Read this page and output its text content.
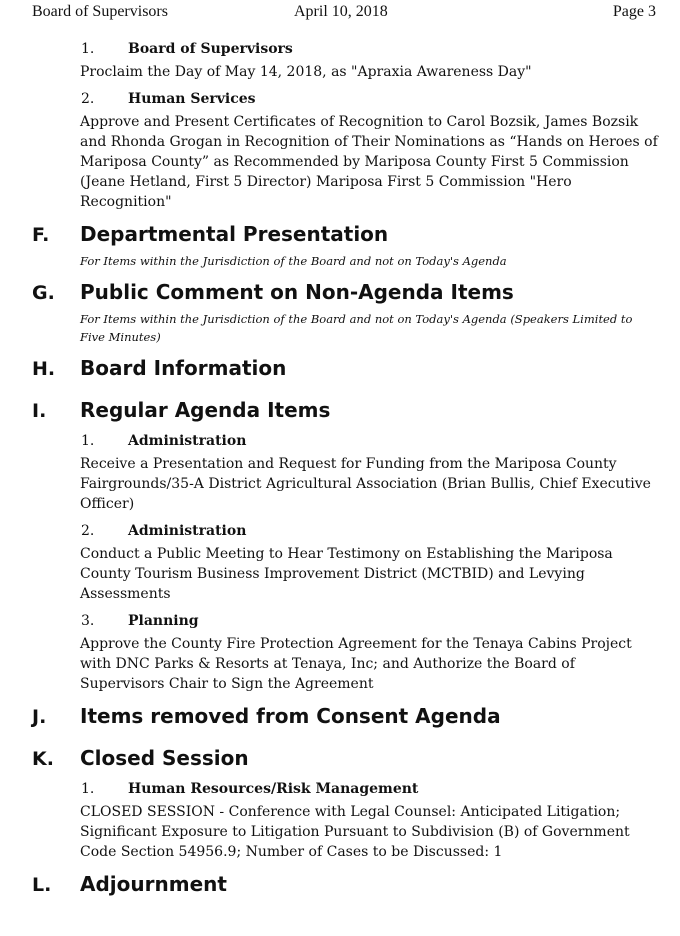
Board of Supervisors	April 10, 2018	Page 3
1. Board of Supervisors
Proclaim the Day of May 14, 2018, as "Apraxia Awareness Day"
2. Human Services
Approve and Present Certificates of Recognition to Carol Bozsik, James Bozsik and Rhonda Grogan in Recognition of Their Nominations as “Hands on Heroes of Mariposa County” as Recommended by Mariposa County First 5 Commission (Jeane Hetland, First 5 Director) Mariposa First 5 Commission "Hero Recognition"
F. Departmental Presentation
For Items within the Jurisdiction of the Board and not on Today's Agenda
G. Public Comment on Non-Agenda Items
For Items within the Jurisdiction of the Board and not on Today's Agenda (Speakers Limited to Five Minutes)
H. Board Information
I. Regular Agenda Items
1. Administration
Receive a Presentation and Request for Funding from the Mariposa County Fairgrounds/35-A District Agricultural Association (Brian Bullis, Chief Executive Officer)
2. Administration
Conduct a Public Meeting to Hear Testimony on Establishing the Mariposa County Tourism Business Improvement District (MCTBID) and Levying Assessments
3. Planning
Approve the County Fire Protection Agreement for the Tenaya Cabins Project with DNC Parks & Resorts at Tenaya, Inc; and Authorize the Board of Supervisors Chair to Sign the Agreement
J. Items removed from Consent Agenda
K. Closed Session
1. Human Resources/Risk Management
CLOSED SESSION - Conference with Legal Counsel: Anticipated Litigation; Significant Exposure to Litigation Pursuant to Subdivision (B) of Government Code Section 54956.9; Number of Cases to be Discussed: 1
L. Adjournment
